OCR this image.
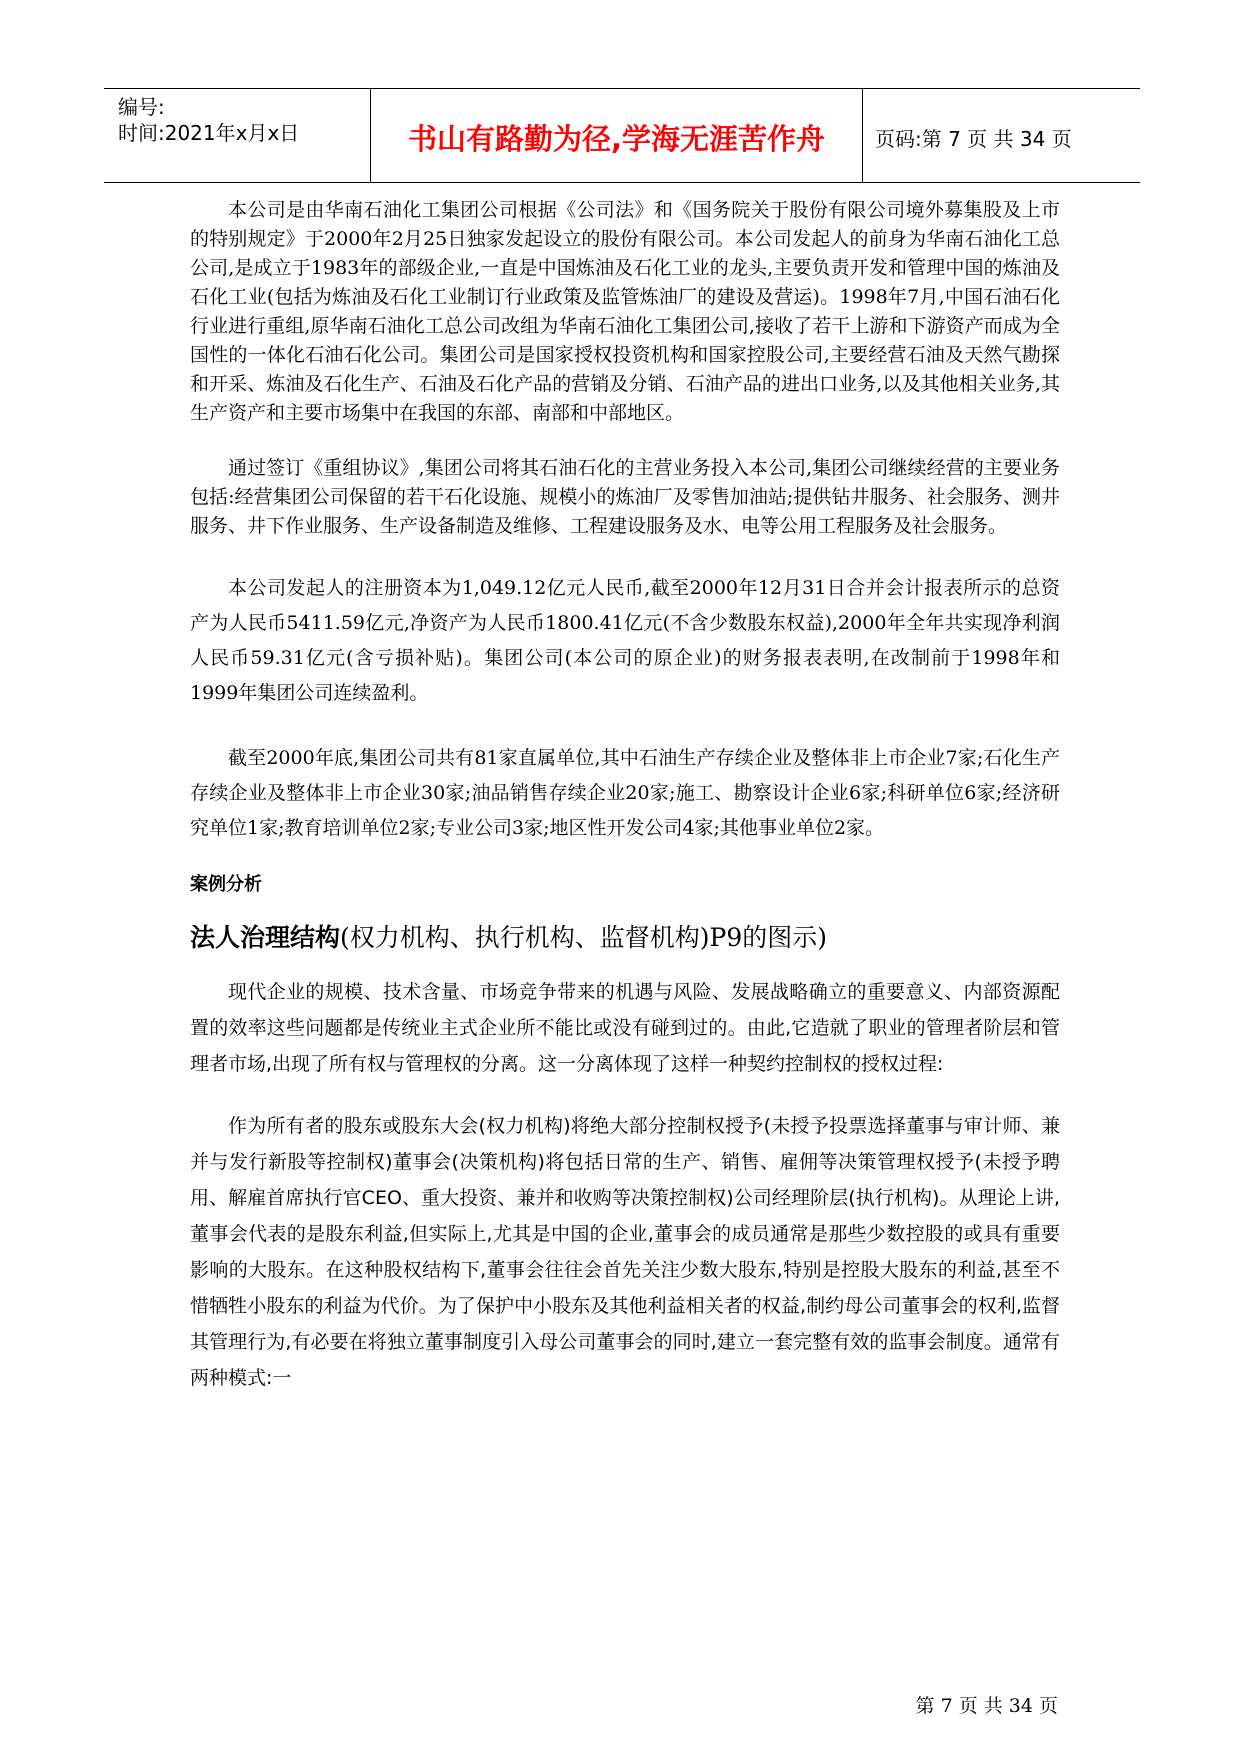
编号:
时间:2021年x月x日	书山有路勤为径,学海无涯苦作舟	页码:第 7 页 共 34 页

本公司是由华南石油化工集团公司根据《公司法》和《国务院关于股份有限公司境外募集股及上市的特别规定》于2000年2月25日独家发起设立的股份有限公司。本公司发起人的前身为华南石油化工总公司,是成立于1983年的部级企业,一直是中国炼油及石化工业的龙头,主要负责开发和管理中国的炼油及石化工业(包括为炼油及石化工业制订行业政策及监管炼油厂的建设及营运)。1998年7月,中国石油石化行业进行重组,原华南石油化工总公司改组为华南石油化工集团公司,接收了若干上游和下游资产而成为全国性的一体化石油石化公司。集团公司是国家授权投资机构和国家控股公司,主要经营石油及天然气勘探和开采、炼油及石化生产、石油及石化产品的营销及分销、石油产品的进出口业务,以及其他相关业务,其生产资产和主要市场集中在我国的东部、南部和中部地区。

通过签订《重组协议》,集团公司将其石油石化的主营业务投入本公司,集团公司继续经营的主要业务包括:经营集团公司保留的若干石化设施、规模小的炼油厂及零售加油站;提供钻井服务、社会服务、测井服务、井下作业服务、生产设备制造及维修、工程建设服务及水、电等公用工程服务及社会服务。

本公司发起人的注册资本为1,049.12亿元人民币,截至2000年12月31日合并会计报表所示的总资产为人民币5411.59亿元,净资产为人民币1800.41亿元(不含少数股东权益),2000年全年共实现净利润人民币59.31亿元(含亏损补贴)。集团公司(本公司的原企业)的财务报表表明,在改制前于1998年和1999年集团公司连续盈利。

截至2000年底,集团公司共有81家直属单位,其中石油生产存续企业及整体非上市企业7家;石化生产存续企业及整体非上市企业30家;油品销售存续企业20家;施工、勘察设计企业6家;科研单位6家;经济研究单位1家;教育培训单位2家;专业公司3家;地区性开发公司4家;其他事业单位2家。

案例分析

法人治理结构(权力机构、执行机构、监督机构)P9的图示)

现代企业的规模、技术含量、市场竞争带来的机遇与风险、发展战略确立的重要意义、内部资源配置的效率这些问题都是传统业主式企业所不能比或没有碰到过的。由此,它造就了职业的管理者阶层和管理者市场,出现了所有权与管理权的分离。这一分离体现了这样一种契约控制权的授权过程:

作为所有者的股东或股东大会(权力机构)将绝大部分控制权授予(未授予投票选择董事与审计师、兼并与发行新股等控制权)董事会(决策机构)将包括日常的生产、销售、雇佣等决策管理权授予(未授予聘用、解雇首席执行官CEO、重大投资、兼并和收购等决策控制权)公司经理阶层(执行机构)。从理论上讲,董事会代表的是股东利益,但实际上,尤其是中国的企业,董事会的成员通常是那些少数控股的或具有重要影响的大股东。在这种股权结构下,董事会往往会首先关注少数大股东,特别是控股大股东的利益,甚至不惜牺牲小股东的利益为代价。为了保护中小股东及其他利益相关者的权益,制约母公司董事会的权利,监督其管理行为,有必要在将独立董事制度引入母公司董事会的同时,建立一套完整有效的监事会制度。通常有两种模式:一

第 7 页 共 34 页
